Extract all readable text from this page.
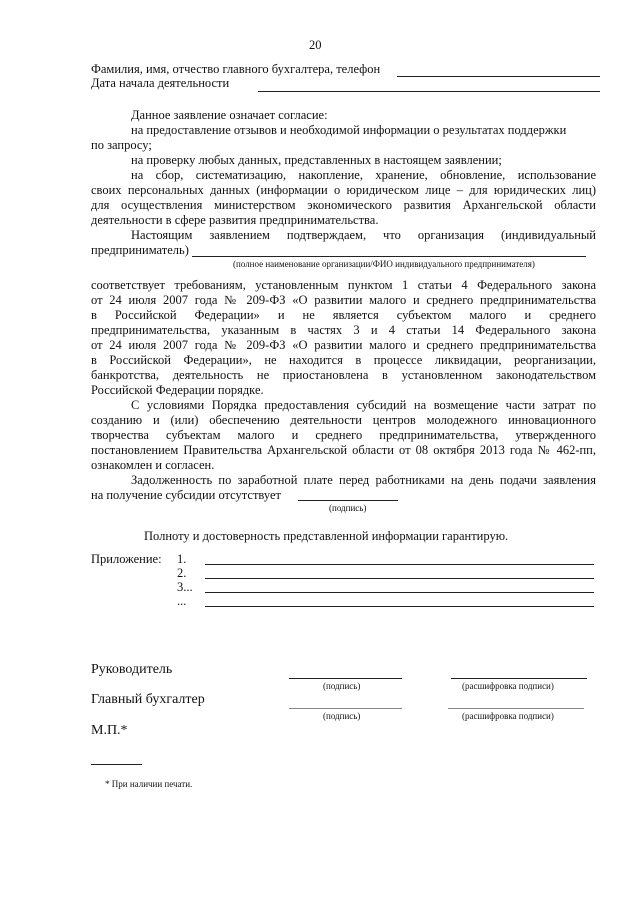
20
Фамилия, имя, отчество главного бухгалтера, телефон
Дата начала деятельности
Данное заявление означает согласие:
на предоставление отзывов и необходимой информации о результатах поддержки
по запросу;
на проверку любых данных, представленных в настоящем заявлении;
на сбор, систематизацию, накопление, хранение, обновление, использование
своих персональных данных (информации о юридическом лице – для юридических лиц)
для осуществления министерством экономического развития Архангельской области
деятельности в сфере развития предпринимательства.
Настоящим заявлением подтверждаем, что организация (индивидуальный
предприниматель)
(полное наименование организации/ФИО индивидуального предпринимателя)
соответствует требованиям, установленным пунктом 1 статьи 4 Федерального закона
от 24 июля 2007 года № 209-ФЗ «О развитии малого и среднего предпринимательства
в Российской Федерации» и не является субъектом малого и среднего
предпринимательства, указанным в частях 3 и 4 статьи 14 Федерального закона
от 24 июля 2007 года № 209-ФЗ «О развитии малого и среднего предпринимательства
в Российской Федерации», не находится в процессе ликвидации, реорганизации,
банкротства, деятельность не приостановлена в установленном законодательством
Российской Федерации порядке.
С условиями Порядка предоставления субсидий на возмещение части затрат по
созданию и (или) обеспечению деятельности центров молодежного инновационного
творчества субъектам малого и среднего предпринимательства, утвержденного
постановлением Правительства Архангельской области от 08 октября 2013 года № 462-пп,
ознакомлен и согласен.
Задолженность по заработной плате перед работниками на день подачи заявления
на получение субсидии отсутствует
(подпись)
Полноту и достоверность представленной информации гарантирую.
Приложение: 1.
2.
3...
...
Руководитель
(подпись)	(расшифровка подписи)
Главный бухгалтер
(подпись)	(расшифровка подписи)
М.П.*
* При наличии печати.
